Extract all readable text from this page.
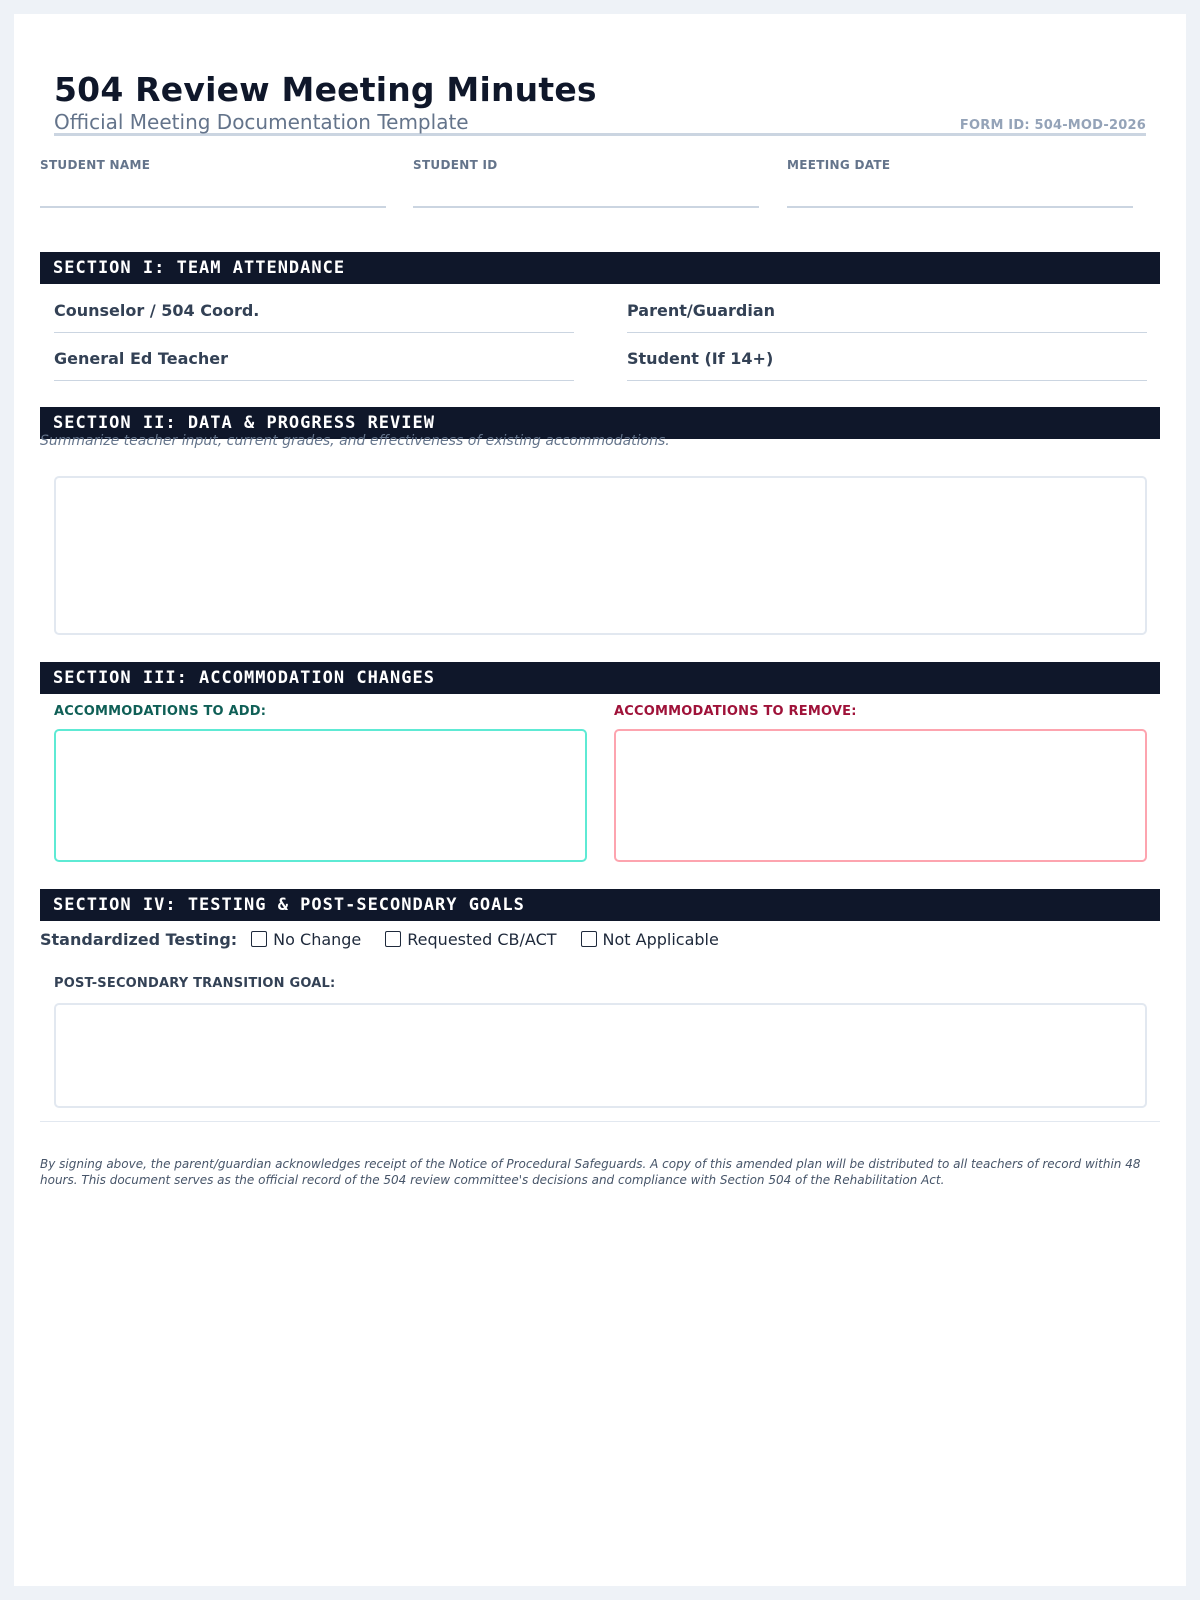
504 Review Meeting Minutes
Official Meeting Documentation Template	FORM ID: 504-MOD-2026
STUDENT NAME	STUDENT ID	MEETING DATE
SECTION I: TEAM ATTENDANCE
Counselor / 504 Coord.	Parent/Guardian
General Ed Teacher	Student (If 14+)
SECTION II: DATA & PROGRESS REVIEW
Summarize teacher input, current grades, and effectiveness of existing accommodations.
SECTION III: ACCOMMODATION CHANGES
ACCOMMODATIONS TO ADD:	ACCOMMODATIONS TO REMOVE:
SECTION IV: TESTING & POST-SECONDARY GOALS
Standardized Testing: No Change	Requested CB/ACT	Not Applicable
POST-SECONDARY TRANSITION GOAL:
By signing above, the parent/guardian acknowledges receipt of the Notice of Procedural Safeguards. A copy of this amended plan will be distributed to all teachers of record within 48 hours. This document serves as the official record of the 504 review committee's decisions and compliance with Section 504 of the Rehabilitation Act.
